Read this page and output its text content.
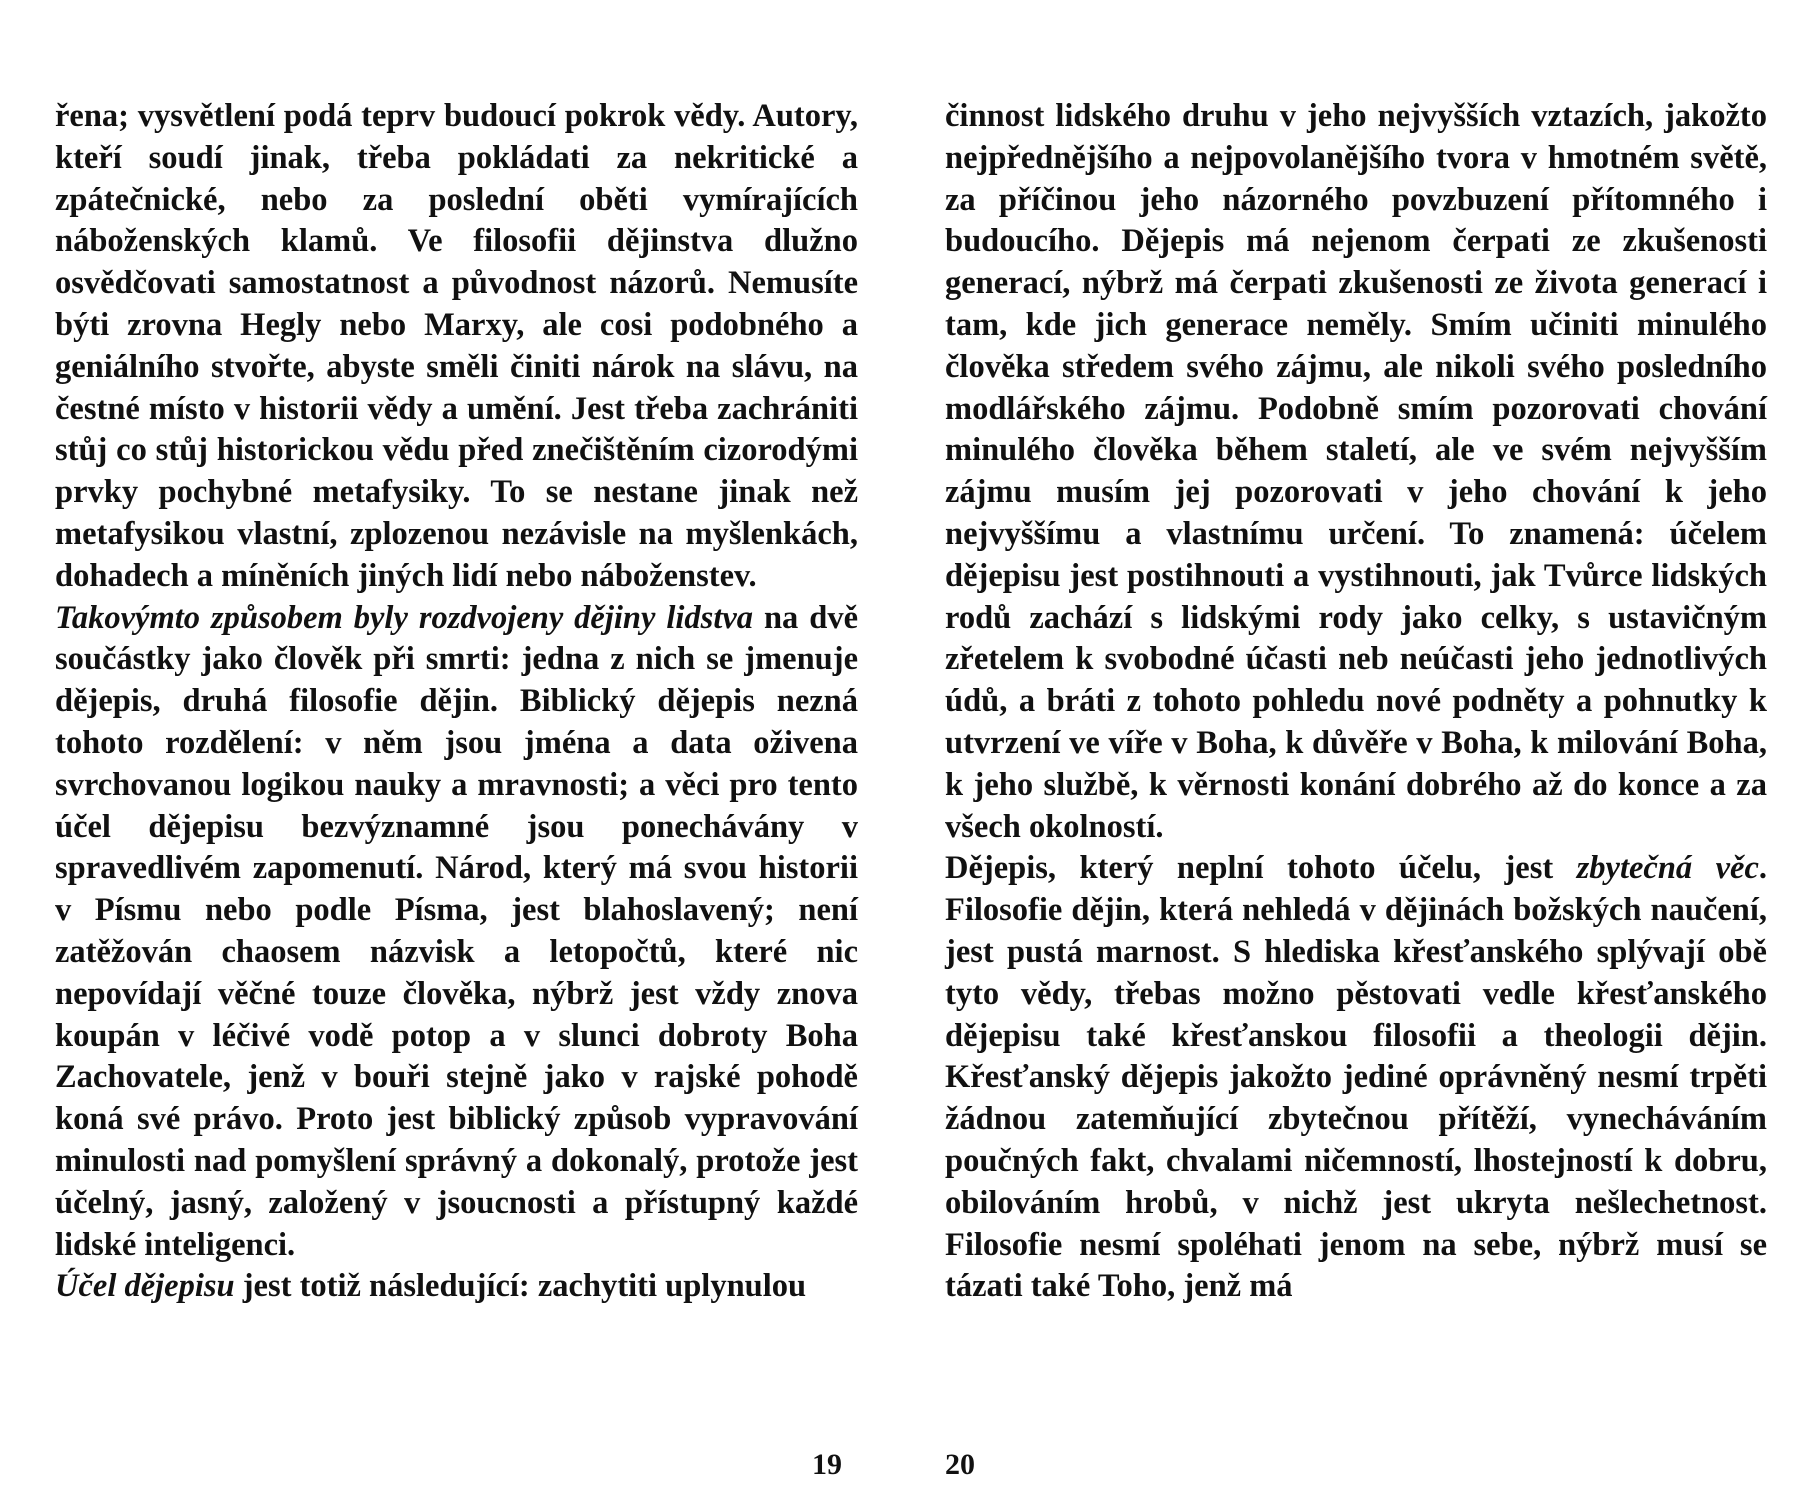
řena; vysvětlení podá teprv budoucí pokrok vědy. Autory, kteří soudí jinak, třeba pokládati za nekritické a zpátečnické, nebo za poslední oběti vymírajících náboženských klamů. Ve filosofii dějinstva dlužno osvědčovati samostatnost a původnost názorů. Nemusíte býti zrovna Hegly nebo Marxy, ale cosi podobného a geniálního stvořte, abyste směli činiti nárok na slávu, na čestné místo v historii vědy a umění. Jest třeba zachrániti stůj co stůj historickou vědu před znečištěním cizorodými prvky pochybné metafysiky. To se nestane jinak než metafysikou vlastní, zplozenou nezávisle na myšlenkách, dohadech a míněních jiných lidí nebo náboženstev.

Takovýmto způsobem byly rozdvojeny dějiny lidstva na dvě součástky jako člověk při smrti: jedna z nich se jmenuje dějepis, druhá filosofie dějin. Biblický dějepis nezná tohoto rozdělení: v něm jsou jména a data oživena svrchovanou logikou nauky a mravnosti; a věci pro tento účel dějepisu bezvýznamné jsou ponechávány v spravedlivém zapomenutí. Národ, který má svou historii v Písmu nebo podle Písma, jest blahoslavený; není zatěžován chaosem názvisk a letopočtů, které nic nepovídají věčné touze člověka, nýbrž jest vždy znova koupán v léčivé vodě potop a v slunci dobroty Boha Zachovatele, jenž v bouři stejně jako v rajské pohodě koná své právo. Proto jest biblický způsob vypravování minulosti nad pomyšlení správný a dokonalý, protože jest účelný, jasný, založený v jsoucnosti a přístupný každé lidské inteligenci.

Účel dějepisu jest totiž následující: zachytiti uplynulou

19

činnost lidského druhu v jeho nejvyšších vztazích, jakožto nejpřednějšího a nejpovolanějšího tvora v hmotném světě, za příčinou jeho názorného povzbuzení přítomného i budoucího. Dějepis má nejenom čerpati ze zkušenosti generací, nýbrž má čerpati zkušenosti ze života generací i tam, kde jich generace neměly. Smím učiniti minulého člověka středem svého zájmu, ale nikoli svého posledního modlářského zájmu. Podobně smím pozorovati chování minulého člověka během staletí, ale ve svém nejvyšším zájmu musím jej pozorovati v jeho chování k jeho nejvyššímu a vlastnímu určení. To znamená: účelem dějepisu jest postihnouti a vystihnouti, jak Tvůrce lidských rodů zachází s lidskými rody jako celky, s ustavičným zřetelem k svobodné účasti neb neúčasti jeho jednotlivých údů, a bráti z tohoto pohledu nové podněty a pohnutky k utvrzení ve víře v Boha, k důvěře v Boha, k milování Boha, k jeho službě, k věrnosti konání dobrého až do konce a za všech okolností.

Dějepis, který neplní tohoto účelu, jest zbytečná věc. Filosofie dějin, která nehledá v dějinách božských naučení, jest pustá marnost. S hlediska křesťanského splývají obě tyto vědy, třebas možno pěstovati vedle křesťanského dějepisu také křesťanskou filosofii a theologii dějin. Křesťanský dějepis jakožto jediné oprávněný nesmí trpěti žádnou zatemňující zbytečnou přítěží, vynecháváním poučných fakt, chvalami ničemností, lhostejností k dobru, obilováním hrobů, v nichž jest ukryta nešlechetnost. Filosofie nesmí spoléhati jenom na sebe, nýbrž musí se tázati také Toho, jenž má

20
